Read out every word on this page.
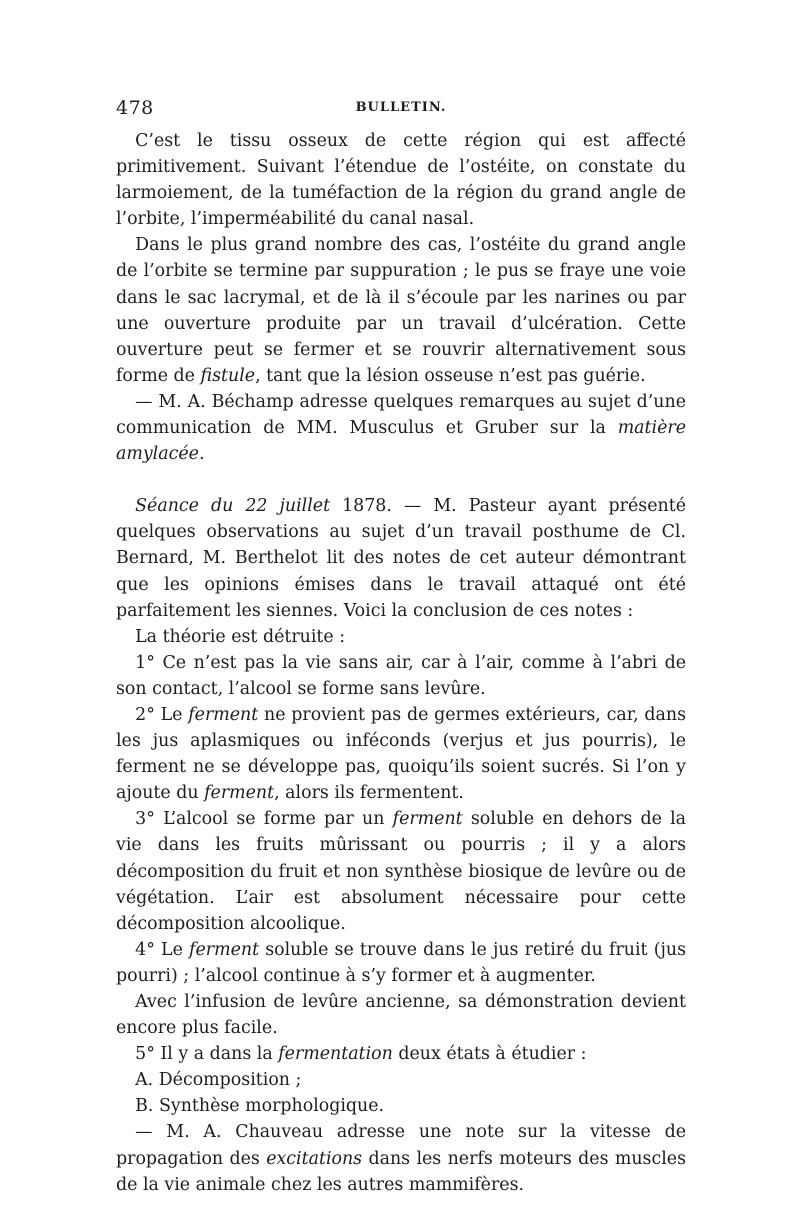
478	BULLETIN.

C’est le tissu osseux de cette région qui est affecté primitivement. Suivant l’étendue de l’ostéite, on constate du larmoiement, de la tuméfaction de la région du grand angle de l’orbite, l’imperméabilité du canal nasal.

Dans le plus grand nombre des cas, l’ostéite du grand angle de l’orbite se termine par suppuration ; le pus se fraye une voie dans le sac lacrymal, et de là il s’écoule par les narines ou par une ouverture produite par un travail d’ulcération. Cette ouverture peut se fermer et se rouvrir alternativement sous forme de fistule, tant que la lésion osseuse n’est pas guérie.

— M. A. Béchamp adresse quelques remarques au sujet d’une communication de MM. Musculus et Gruber sur la matière amylacée.

Séance du 22 juillet 1878. — M. Pasteur ayant présenté quelques observations au sujet d’un travail posthume de Cl. Bernard, M. Berthelot lit des notes de cet auteur démontrant que les opinions émises dans le travail attaqué ont été parfaitement les siennes. Voici la conclusion de ces notes :

La théorie est détruite :

1° Ce n’est pas la vie sans air, car à l’air, comme à l’abri de son contact, l’alcool se forme sans levûre.

2° Le ferment ne provient pas de germes extérieurs, car, dans les jus aplasmiques ou inféconds (verjus et jus pourris), le ferment ne se développe pas, quoiqu’ils soient sucrés. Si l’on y ajoute du ferment, alors ils fermentent.

3° L’alcool se forme par un ferment soluble en dehors de la vie dans les fruits mûrissant ou pourris ; il y a alors décomposition du fruit et non synthèse biosique de levûre ou de végétation. L’air est absolument nécessaire pour cette décomposition alcoolique.

4° Le ferment soluble se trouve dans le jus retiré du fruit (jus pourri) ; l’alcool continue à s’y former et à augmenter.

Avec l’infusion de levûre ancienne, sa démonstration devient encore plus facile.

5° Il y a dans la fermentation deux états à étudier :

A. Décomposition ;

B. Synthèse morphologique.

— M. A. Chauveau adresse une note sur la vitesse de propagation des excitations dans les nerfs moteurs des muscles de la vie animale chez les autres mammifères.
